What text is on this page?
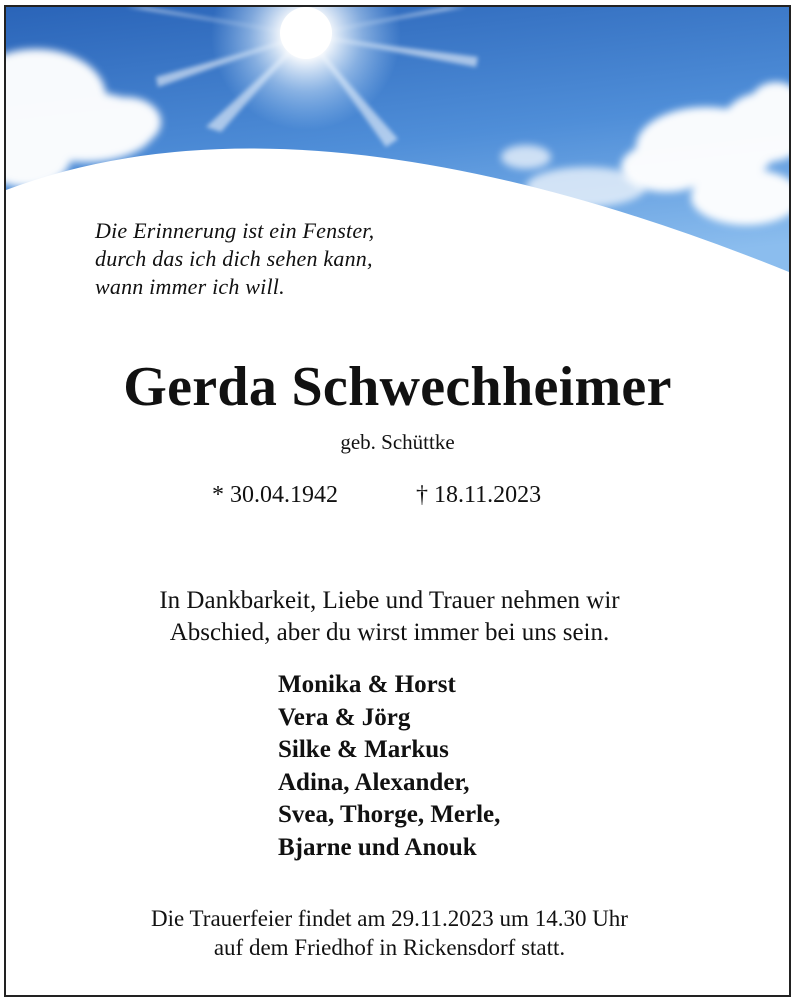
Die Erinnerung ist ein Fenster,
durch das ich dich sehen kann,
wann immer ich will.
Gerda Schwechheimer
geb. Schüttke
* 30.04.1942	† 18.11.2023
In Dankbarkeit, Liebe und Trauer nehmen wir
Abschied, aber du wirst immer bei uns sein.
Monika & Horst
Vera & Jörg
Silke & Markus
Adina, Alexander,
Svea, Thorge, Merle,
Bjarne und Anouk
Die Trauerfeier findet am 29.11.2023 um 14.30 Uhr
auf dem Friedhof in Rickensdorf statt.
